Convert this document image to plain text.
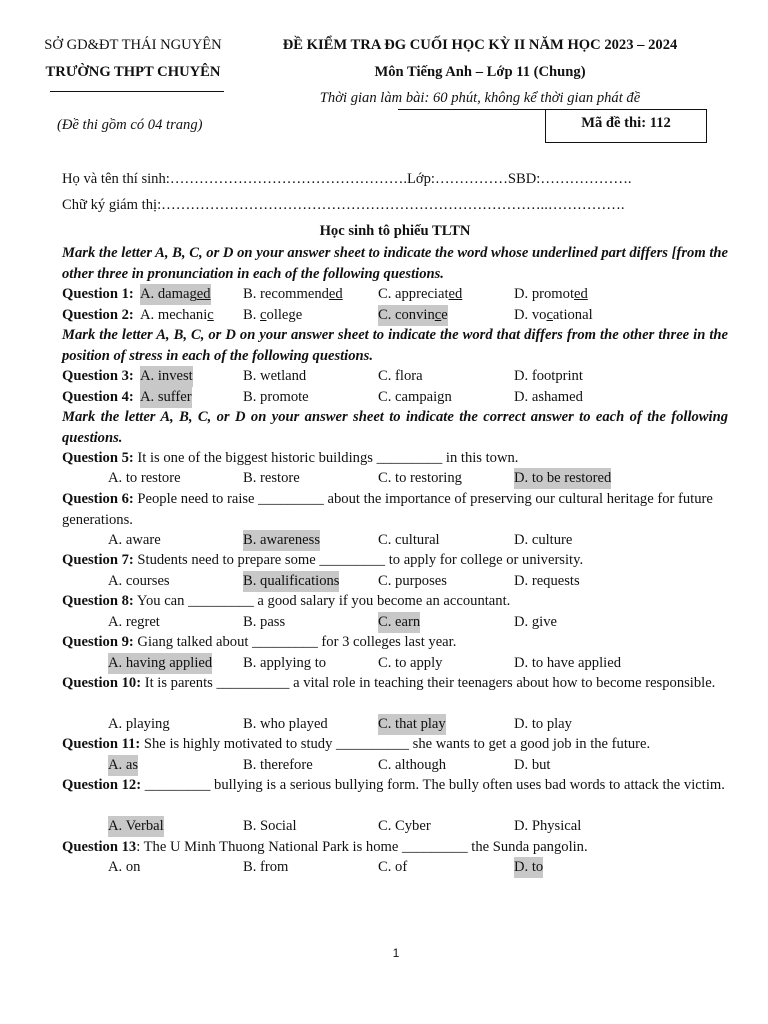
SỞ GD&ĐT THÁI NGUYÊN
TRƯỜNG THPT CHUYÊN
(Đề thi gồm có 04 trang)
ĐỀ KIỂM TRA ĐG CUỐI HỌC KỲ II NĂM HỌC 2023 – 2024
Môn Tiếng Anh – Lớp 11 (Chung)
Thời gian làm bài: 60 phút, không kể thời gian phát đề
Mã đề thi: 112
Họ và tên thí sinh:………………………………………….Lớp:……………SBD:……………….
Chữ ký giám thị:……………………………………………………………………..…………….
Học sinh tô phiếu TLTN
Mark the letter A, B, C, or D on your answer sheet to indicate the word whose underlined part differs [from the other three in pronunciation in each of the following questions.
Question 1: A. damaged B. recommended C. appreciated	D. promoted
Question 2: A. mechanic B. college	C. convince	D. vocational
Mark the letter A, B, C, or D on your answer sheet to indicate the word that differs from the other three in the position of stress in each of the following questions.
Question 3: A. invest	B. wetland	C. flora	D. footprint
Question 4: A. suffer	B. promote	C. campaign	D. ashamed
Mark the letter A, B, C, or D on your answer sheet to indicate the correct answer to each of the following questions.
Question 5: It is one of the biggest historic buildings _________ in this town.
A. to restore	B. restore	C. to restoring	D. to be restored
Question 6: People need to raise _________ about the importance of preserving our cultural heritage for future generations.
A. aware	B. awareness	C. cultural	D. culture
Question 7: Students need to prepare some _________ to apply for college or university.
A. courses	B. qualifications	C. purposes	D. requests
Question 8: You can _________ a good salary if you become an accountant.
A. regret	B. pass	C. earn	D. give
Question 9: Giang talked about _________ for 3 colleges last year.
A. having applied B. applying to	C. to apply	D. to have applied
Question 10: It is parents __________ a vital role in teaching their teenagers about how to become responsible.
A. playing	B. who played	C. that play	D. to play
Question 11: She is highly motivated to study __________ she wants to get a good job in the future.
A. as	B. therefore	C. although	D. but
Question 12: _________ bullying is a serious bullying form. The bully often uses bad words to attack the victim.
A. Verbal	B. Social	C. Cyber	D. Physical
Question 13: The U Minh Thuong National Park is home _________ the Sunda pangolin.
A. on	B. from	C. of	D. to
1
